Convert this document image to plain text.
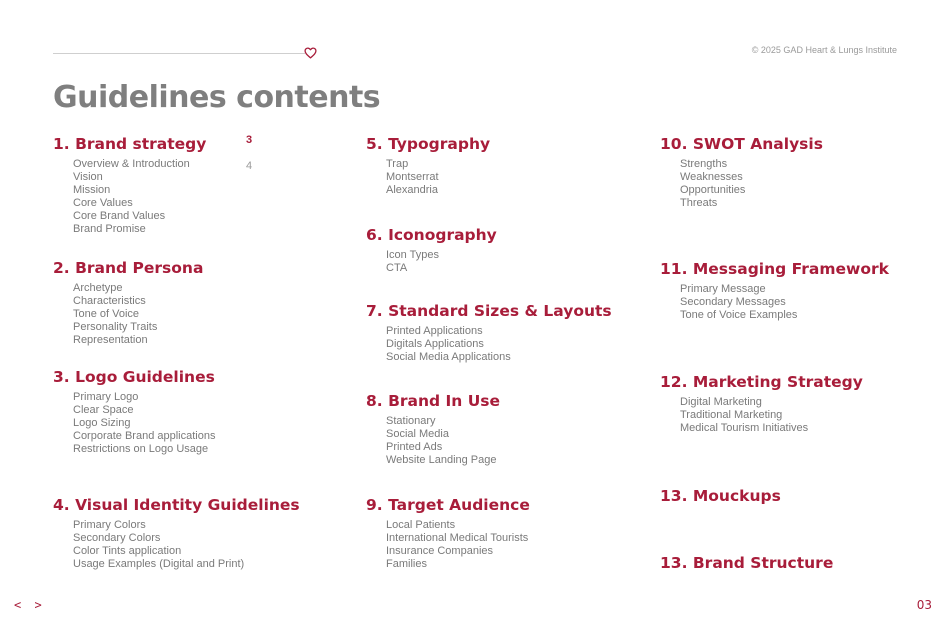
© 2025 GAD Heart & Lungs Institute
Guidelines contents
3
4
1. Brand strategy
Overview & Introduction
Vision
Mission
Core Values
Core Brand Values
Brand Promise
2. Brand Persona
Archetype
Characteristics
Tone of Voice
Personality Traits
Representation
3. Logo Guidelines
Primary Logo
Clear Space
Logo Sizing
Corporate Brand applications
Restrictions on Logo Usage
4. Visual Identity Guidelines
Primary Colors
Secondary Colors
Color Tints application
Usage Examples (Digital and Print)
5. Typography
Trap
Montserrat
Alexandria
6. Iconography
Icon Types
CTA
7. Standard Sizes & Layouts
Printed Applications
Digitals Applications
Social Media Applications
8. Brand In Use
Stationary
Social Media
Printed Ads
Website Landing Page
9. Target Audience
Local Patients
International Medical Tourists
Insurance Companies
Families
10. SWOT Analysis
Strengths
Weaknesses
Opportunities
Threats
11. Messaging Framework
Primary Message
Secondary Messages
Tone of Voice Examples
12. Marketing Strategy
Digital Marketing
Traditional Marketing
Medical Tourism Initiatives
13. Mouckups
13. Brand Structure
< >	03
